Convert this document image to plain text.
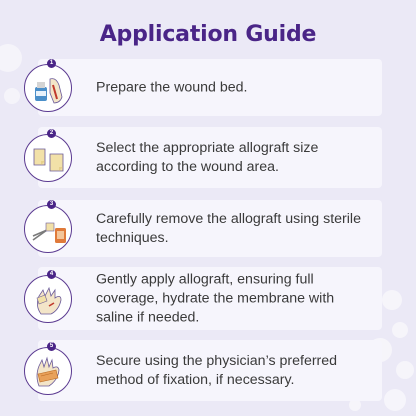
Application Guide
1
Prepare the wound bed.
2
Select the appropriate allograft size according to the wound area.
3
Carefully remove the allograft using sterile techniques.
4	Gently apply allograft, ensuring full coverage, hydrate the membrane with saline if needed.
5
Secure using the physician’s preferred method of fixation, if necessary.
